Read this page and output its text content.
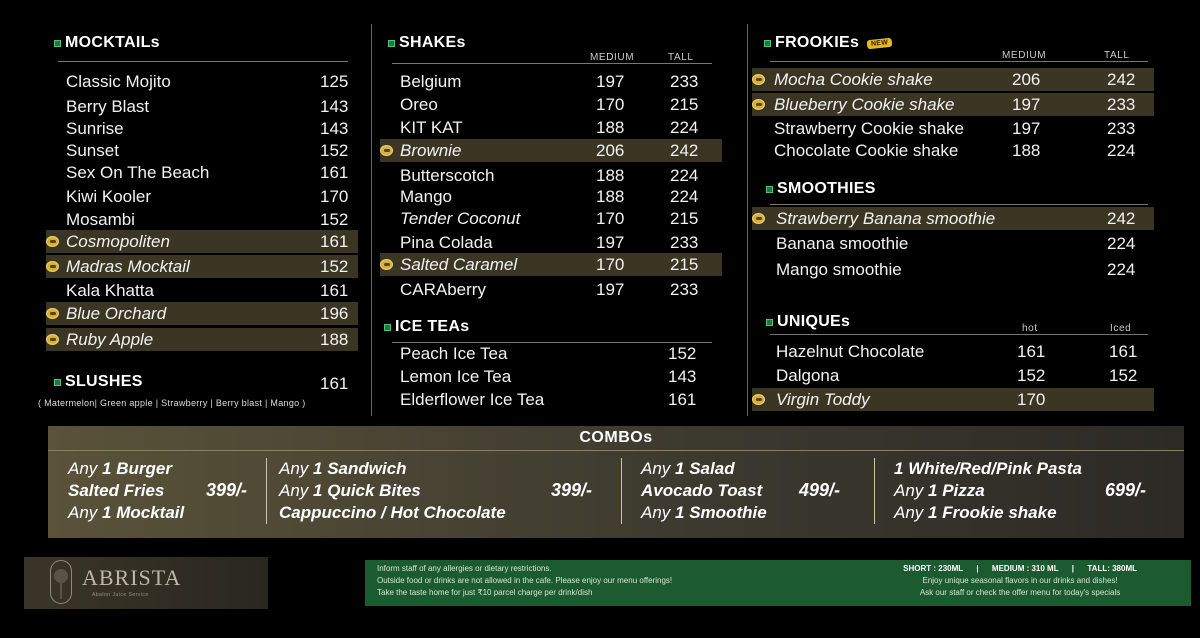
MOCKTAILs
Classic Mojito	125
Berry Blast	143
Sunrise	143
Sunset	152
Sex On The Beach	161
Kiwi Kooler	170
Mosambi	152
Cosmopoliten	161
Madras Mocktail	152
Kala Khatta	161
Blue Orchard	196
Ruby Apple	188
SLUSHES	161
( Matermelon| Green apple | Strawberry | Berry blast | Mango )
SHAKEs
MEDIUM	TALL
Belgium	197	233
Oreo	170	215
KIT KAT	188	224
Brownie	206	242
Butterscotch	188	224
Mango	188	224
Tender Coconut	170	215
Pina Colada	197	233
Salted Caramel	170	215
CARAberry	197	233
ICE TEAs
Peach Ice Tea	152
Lemon Ice Tea	143
Elderflower Ice Tea	161
FROOKIEs	NEW
MEDIUM	TALL
Mocha Cookie shake	206	242
Blueberry Cookie shake	197	233
Strawberry Cookie shake	197	233
Chocolate Cookie shake	188	224
SMOOTHIES
Strawberry Banana smoothie	242
Banana smoothie	224
Mango smoothie	224
UNIQUEs	hot	Iced
Hazelnut Chocolate	161	161
Dalgona	152	152
Virgin Toddy	170
COMBOs
Any 1 Burger
Salted Fries
Any 1 Mocktail
399/-
Any 1 Sandwich
Any 1 Quick Bites
Cappuccino / Hot Chocolate
399/-
Any 1 Salad
Avocado Toast
Any 1 Smoothie
499/-
1 White/Red/Pink Pasta
Any 1 Pizza
Any 1 Frookie shake
699/-
ABRISTA
Abalon Juice Service
Inform staff of any allergies or dietary restrictions.
Outside food or drinks are not allowed in the cafe. Please enjoy our menu offerings!
Take the taste home for just ₹10 parcel charge per drink/dish
SHORT : 230ML      |      MEDIUM : 310 ML      |      TALL: 380ML
Enjoy unique seasonal flavors in our drinks and dishes!
Ask our staff or check the offer menu for today's specials
